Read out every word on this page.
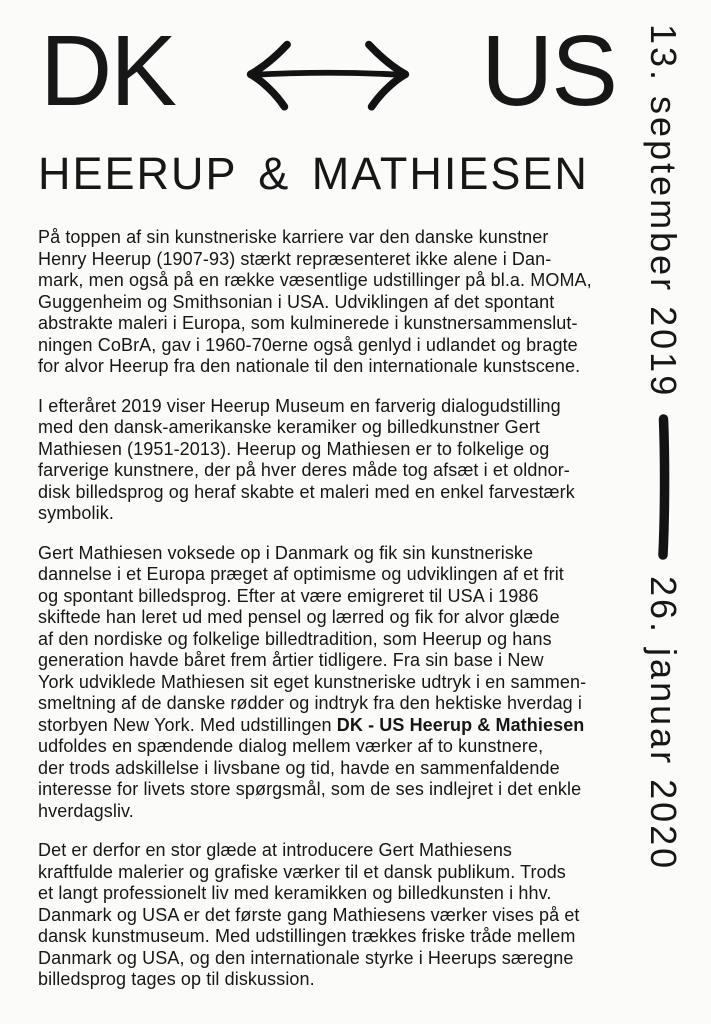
DK	US
HEERUP & MATHIESEN

På toppen af sin kunstneriske karriere var den danske kunstner
Henry Heerup (1907-93) stærkt repræsenteret ikke alene i Dan-
mark, men også på en række væsentlige udstillinger på bl.a. MOMA,
Guggenheim og Smithsonian i USA. Udviklingen af det spontant
abstrakte maleri i Europa, som kulminerede i kunstnersammenslut-
ningen CoBrA, gav i 1960-70erne også genlyd i udlandet og bragte
for alvor Heerup fra den nationale til den internationale kunstscene.

I efteråret 2019 viser Heerup Museum en farverig dialogudstilling
med den dansk-amerikanske keramiker og billedkunstner Gert
Mathiesen (1951-2013). Heerup og Mathiesen er to folkelige og
farverige kunstnere, der på hver deres måde tog afsæt i et oldnor-
disk billedsprog og heraf skabte et maleri med en enkel farvestærk
symbolik.

Gert Mathiesen voksede op i Danmark og fik sin kunstneriske
dannelse i et Europa præget af optimisme og udviklingen af et frit
og spontant billedsprog. Efter at være emigreret til USA i 1986
skiftede han leret ud med pensel og lærred og fik for alvor glæde
af den nordiske og folkelige billedtradition, som Heerup og hans
generation havde båret frem årtier tidligere. Fra sin base i New
York udviklede Mathiesen sit eget kunstneriske udtryk i en sammen-
smeltning af de danske rødder og indtryk fra den hektiske hverdag i
storbyen New York. Med udstillingen DK - US Heerup & Mathiesen
udfoldes en spændende dialog mellem værker af to kunstnere,
der trods adskillelse i livsbane og tid, havde en sammenfaldende
interesse for livets store spørgsmål, som de ses indlejret i det enkle
hverdagsliv.

Det er derfor en stor glæde at introducere Gert Mathiesens
kraftfulde malerier og grafiske værker til et dansk publikum. Trods
et langt professionelt liv med keramikken og billedkunsten i hhv.
Danmark og USA er det første gang Mathiesens værker vises på et
dansk kunstmuseum. Med udstillingen trækkes friske tråde mellem
Danmark og USA, og den internationale styrke i Heerups særegne
billedsprog tages op til diskussion.

13. september 2019
26. januar 2020
